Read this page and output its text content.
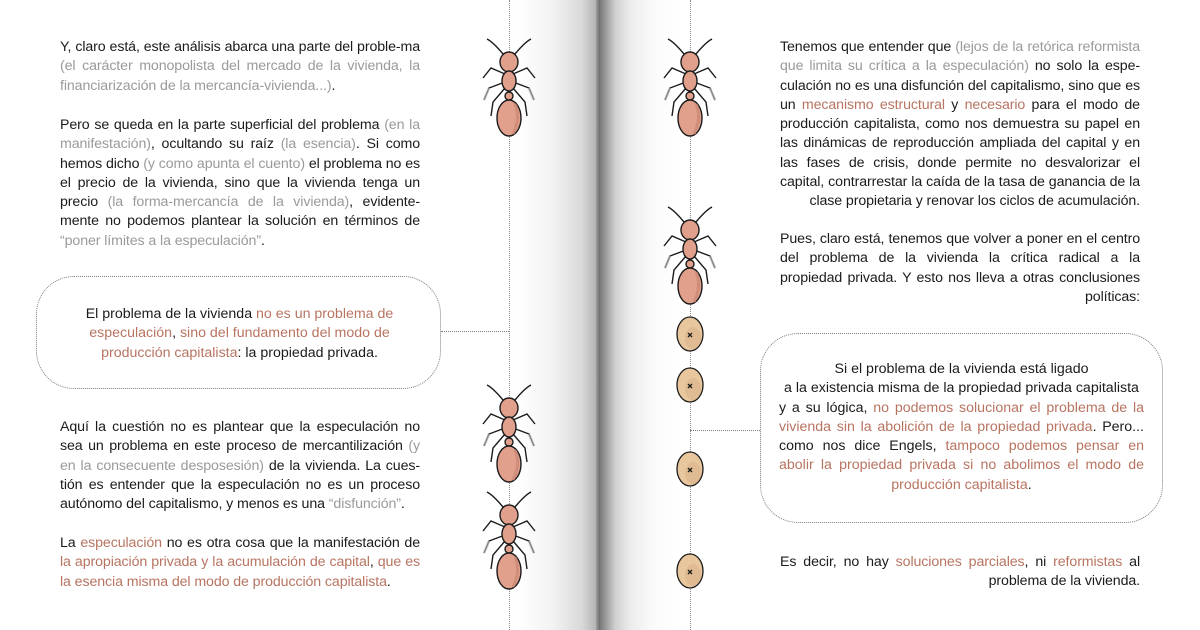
Y, claro está, este análisis abarca una parte del proble-ma (el carácter monopolista del mercado de la vivienda, la financiarización de la mercancía-vivienda...).

Pero se queda en la parte superficial del problema (en la manifestación), ocultando su raíz (la esencia). Si como hemos dicho (y como apunta el cuento) el problema no es el precio de la vivienda, sino que la vivienda tenga un precio (la forma-mercancía de la vivienda), evidente-mente no podemos plantear la solución en términos de “poner límites a la especulación”.

El problema de la vivienda no es un problema de especulación, sino del fundamento del modo de producción capitalista: la propiedad privada.

Aquí la cuestión no es plantear que la especulación no sea un problema en este proceso de mercantilización (y en la consecuente desposesión) de la vivienda. La cues-tión es entender que la especulación no es un proceso autónomo del capitalismo, y menos es una “disfunción”.

La especulación no es otra cosa que la manifestación de la apropiación privada y la acumulación de capital, que es la esencia misma del modo de producción capitalista.

Tenemos que entender que (lejos de la retórica reformista que limita su crítica a la especulación) no solo la espe-culación no es una disfunción del capitalismo, sino que es un mecanismo estructural y necesario para el modo de producción capitalista, como nos demuestra su papel en las dinámicas de reproducción ampliada del capital y en las fases de crisis, donde permite no desvalorizar el capital, contrarrestar la caída de la tasa de ganancia de la clase propietaria y renovar los ciclos de acumulación.

Pues, claro está, tenemos que volver a poner en el centro del problema de la vivienda la crítica radical a la propiedad privada. Y esto nos lleva a otras conclusiones políticas:

Si el problema de la vivienda está ligado
a la existencia misma de la propiedad privada capitalista

y a su lógica, no podemos solucionar el problema de la vivienda sin la abolición de la propiedad privada. Pero... como nos dice Engels, tampoco podemos pensar en abolir la propiedad privada si no abolimos el modo de producción capitalista.

Es decir, no hay soluciones parciales, ni reformistas al problema de la vivienda.
